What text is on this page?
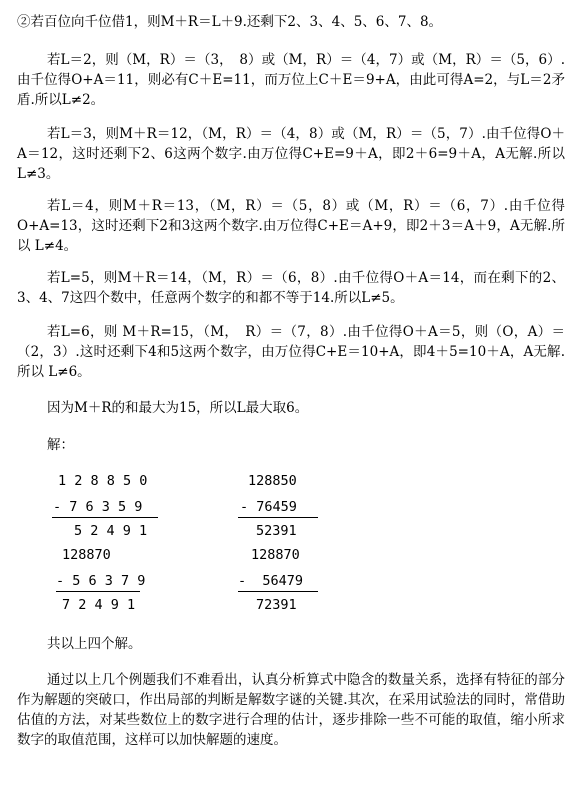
②若百位向千位借1，则M＋R＝L＋9.还剩下2、3、4、5、6、7、8。
若L＝2，则（M，R）＝（3，　8）或（M，R）＝（4，7）或（M，R）＝（5，6）.由千位得O+A＝11，则必有C＋E=11，而万位上C＋E＝9+A，由此可得A=2，与L＝2矛盾.所以L≠2。
若L＝3，则M＋R＝12，（M，R）＝（4，8）或（M，R）＝（5，7）.由千位得O＋A＝12，这时还剩下2、6这两个数字.由万位得C+E=9＋A，即2＋6=9＋A，A无解.所以L≠3。
若L＝4，则M＋R＝13，（M，R）＝（5，8）或（M，R）＝（6，7）.由千位得O+A=13，这时还剩下2和3这两个数字.由万位得C+E＝A+9，即2＋3＝A＋9，A无解.所以 L≠4。
若L=5，则M＋R＝14，（M，R）＝（6，8）.由千位得O＋A＝14，而在剩下的2、3、4、7这四个数中，任意两个数字的和都不等于14.所以L≠5。
若L=6，则 M＋R=15，（M，　R）＝（7，8）.由千位得O＋A＝5，则（O，A）＝（2，3）.这时还剩下4和5这两个数字，由万位得C+E＝10+A，即4＋5=10＋A，A无解.所以 L≠6。
因为M＋R的和最大为15，所以L最大取6。
解：
1 2 8 8 5 0
- 7 6 3 5 9
5 2 4 9 1
128850
- 76459
52391
128870
- 5 6 3 7 9
7 2 4 9 1
128870
-  56479
72391
共以上四个解。
通过以上几个例题我们不难看出，认真分析算式中隐含的数量关系，选择有特征的部分作为解题的突破口，作出局部的判断是解数字谜的关键.其次，在采用试验法的同时，常借助估值的方法，对某些数位上的数字进行合理的估计，逐步排除一些不可能的取值，缩小所求数字的取值范围，这样可以加快解题的速度。
